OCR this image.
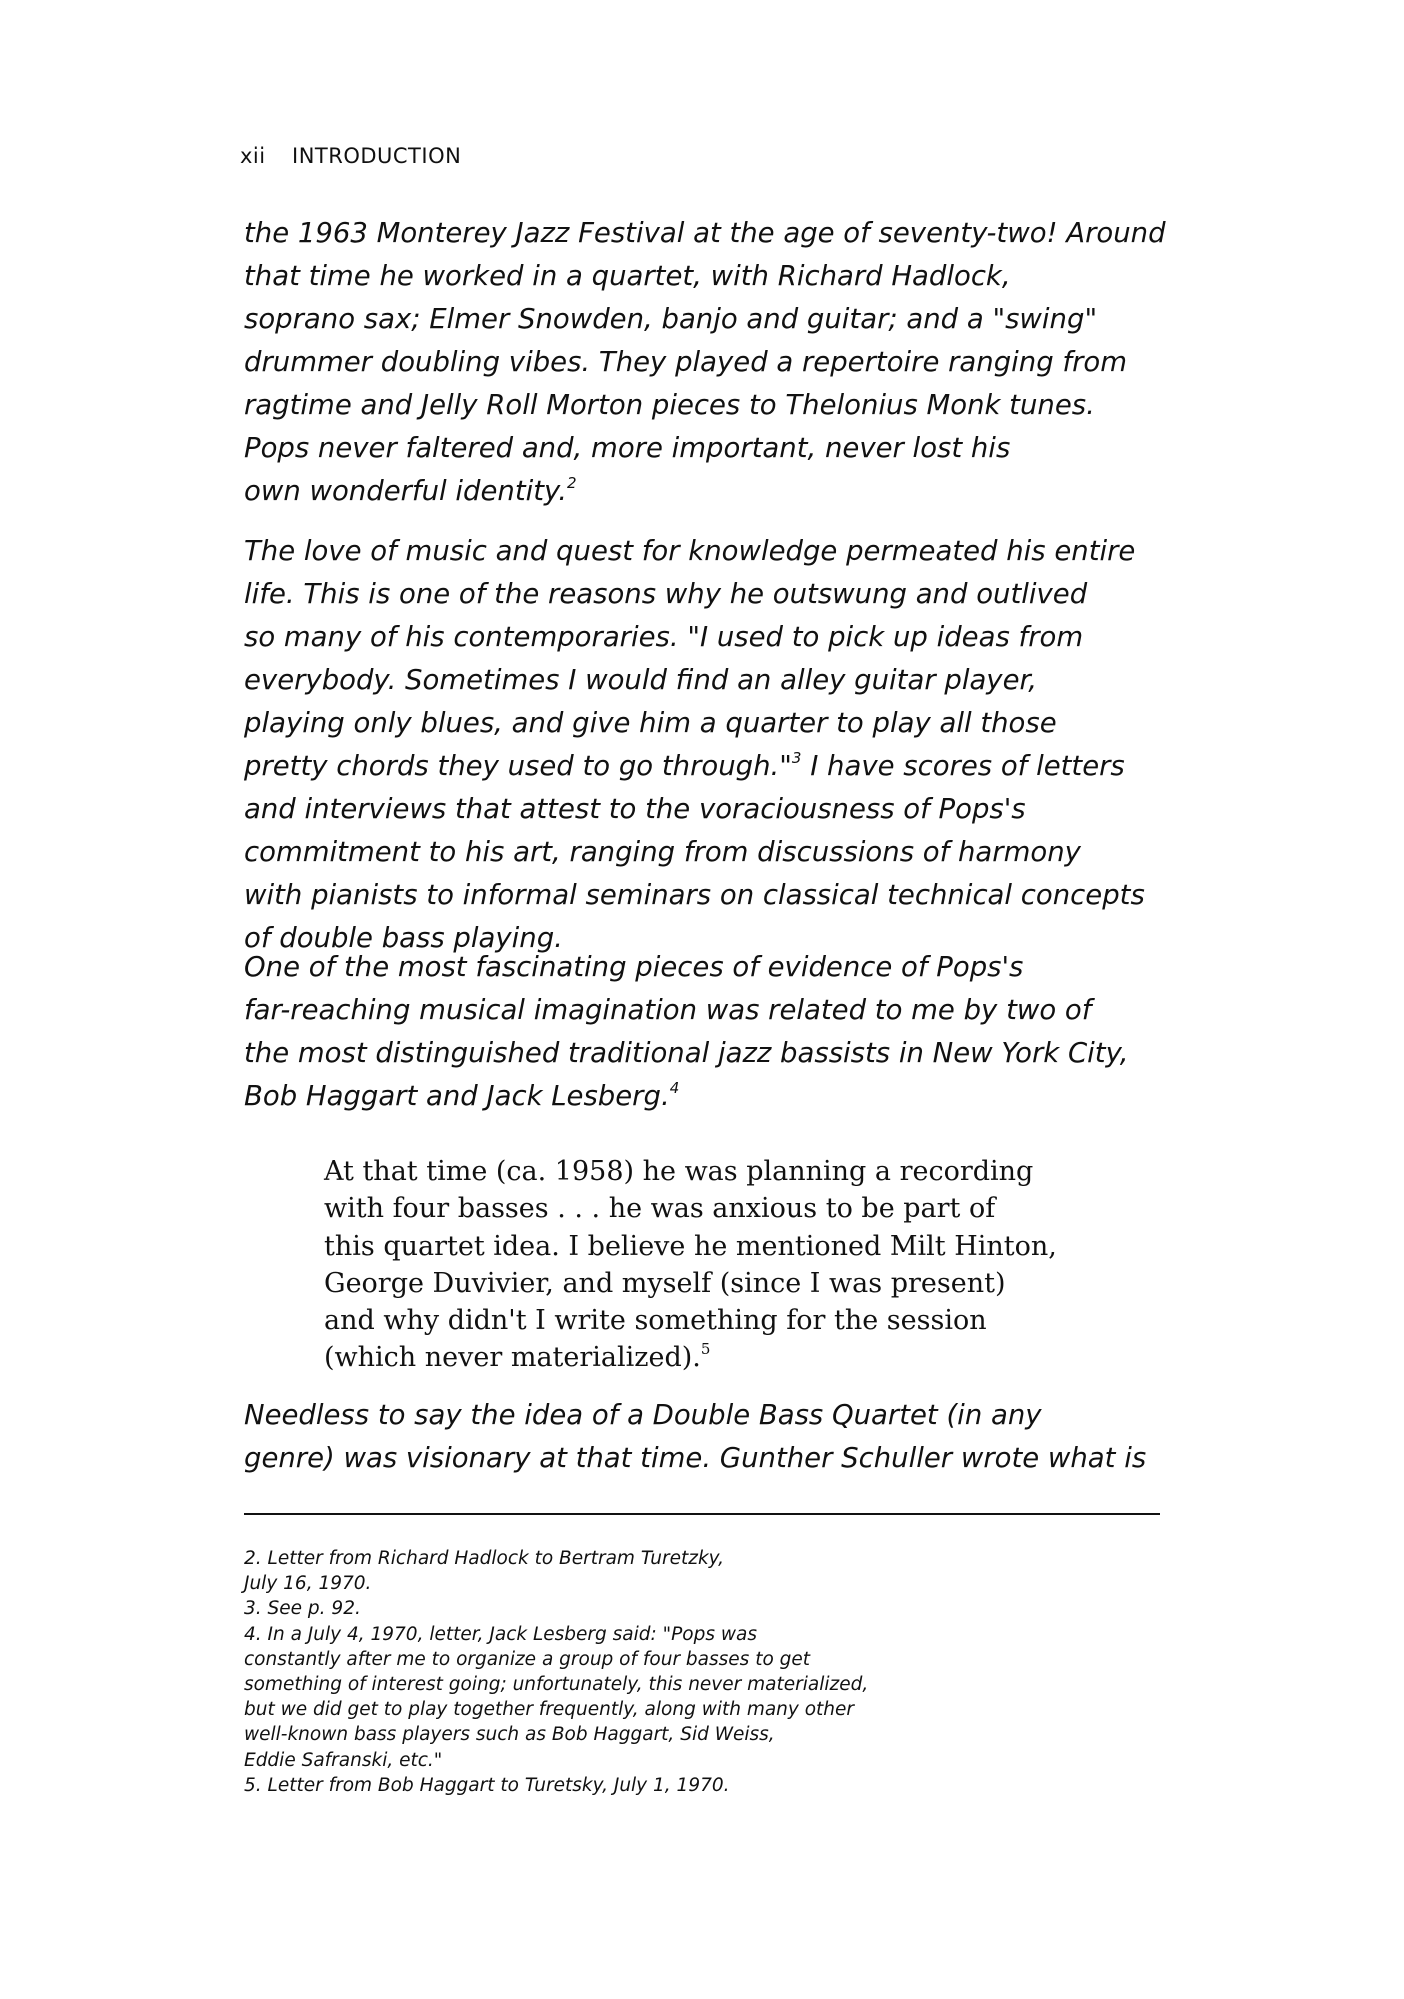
xii INTRODUCTION
the 1963 Monterey Jazz Festival at the age of seventy-two! Around
that time he worked in a quartet, with Richard Hadlock,
soprano sax; Elmer Snowden, banjo and guitar; and a "swing"
drummer doubling vibes. They played a repertoire ranging from
ragtime and Jelly Roll Morton pieces to Thelonius Monk tunes.
Pops never faltered and, more important, never lost his
own wonderful identity.$^2$
The love of music and quest for knowledge permeated his entire
life. This is one of the reasons why he outswung and outlived
so many of his contemporaries. "I used to pick up ideas from
everybody. Sometimes I would find an alley guitar player,
playing only blues, and give him a quarter to play all those
pretty chords they used to go through."$^3$ I have scores of letters
and interviews that attest to the voraciousness of Pops's
commitment to his art, ranging from discussions of harmony
with pianists to informal seminars on classical technical concepts
of double bass playing.
One of the most fascinating pieces of evidence of Pops's
far-reaching musical imagination was related to me by two of
the most distinguished traditional jazz bassists in New York City,
Bob Haggart and Jack Lesberg.$^4$
At that time (ca. 1958) he was planning a recording
with four basses . . . he was anxious to be part of
this quartet idea. I believe he mentioned Milt Hinton,
George Duvivier, and myself (since I was present)
and why didn't I write something for the session
(which never materialized).$^5$
Needless to say the idea of a Double Bass Quartet (in any
genre) was visionary at that time. Gunther Schuller wrote what is
2. Letter from Richard Hadlock to Bertram Turetzky,
July 16, 1970.
3. See p. 92.
4. In a July 4, 1970, letter, Jack Lesberg said: "Pops was
constantly after me to organize a group of four basses to get
something of interest going; unfortunately, this never materialized,
but we did get to play together frequently, along with many other
well-known bass players such as Bob Haggart, Sid Weiss,
Eddie Safranski, etc."
5. Letter from Bob Haggart to Turetsky, July 1, 1970.
